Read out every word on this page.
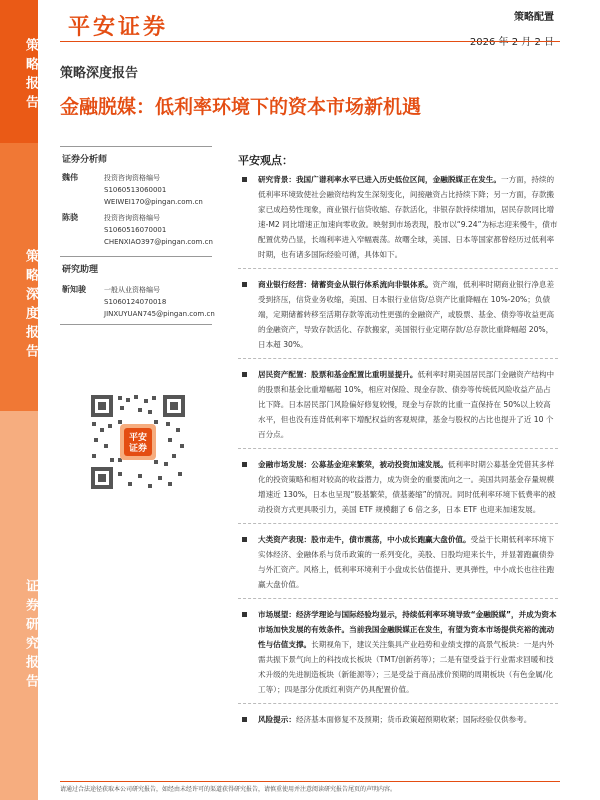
策略报告
策略深度报告
证券研究报告
平安证券	策略配置
2026 年 2 月 2 日
策略深度报告
金融脱媒：低利率环境下的资本市场新机遇
证券分析师
魏伟	投资咨询资格编号
S1060513060001
WEIWEI170@pingan.com.cn
陈骁	投资咨询资格编号
S1060516070001
CHENXIAO397@pingan.com.cn
研究助理
靳知骏	一般从业资格编号
S1060124070018
JINXUYUAN745@pingan.com.cn
平安
证券
平安观点：
研究背景：我国广谱利率水平已进入历史低位区间，金融脱媒正在发生。一方面，持续的低利率环境致使社会融资结构发生深刻变化，间接融资占比持续下降；另一方面，存款搬家已成趋势性现象，商业银行信贷收缩、存款活化，非银存款持续增加，居民存款同比增速-M2 同比增速正加速向零收敛。映射到市场表现，股市以“9.24”为标志迎来慢牛，债市配置优势凸显，长端利率进入窄幅震荡。故曙全球，美国、日本等国家都曾经历过低利率时期，也有诸多国际经验可循，具体如下。
商业银行经营：储蓄资金从银行体系流向非银体系。资产端，低利率时期商业银行净息差受到挤压，信贷业务收缩，美国、日本银行业信贷/总资产比重降幅在 10%-20%；负债端，定期储蓄转移至活期存款等流动性更强的金融资产，或股票、基金、债券等收益更高的金融资产，导致存款活化、存款搬家，美国银行业定期存款/总存款比重降幅超 20%，日本超 30%。
居民资产配置：股票和基金配置比重明显提升。低利率时期美国居民部门金融资产结构中的股票和基金比重增幅超 10%，相应对保险、现金存款、债券等传统低风险收益产品占比下降。日本居民部门风险偏好修复较慢，现金与存款的比重一直保持在 50%以上较高水平，但也没有连背低利率下增配权益的客观规律，基金与股权的占比也提升了近 10 个百分点。
金融市场发展：公募基金迎来繁荣，被动投资加速发展。低利率时期公募基金凭借其多样化的投资策略和相对较高的收益潜力，成为资金的重要流向之一。美国共同基金存量规模增速近 130%，日本也呈现“股基繁荣，债基萎缩”的情况。同时低利率环境下低费率的被动投资方式更具吸引力，美国 ETF 规模翻了 6 倍之多，日本 ETF 也迎来加速发展。
大类资产表现：股市走牛，债市震荡，中小成长跑赢大盘价值。受益于长期低利率环境下实体经济、金融体系与货币政策的一系列变化，美股、日股均迎来长牛，并显著跑赢债券与外汇资产。风格上，低利率环境利于小盘成长估值提升、更具弹性，中小成长也往往跑赢大盘价值。
市场展望：经济学理论与国际经验均显示，持续低利率环境导致“金融脱媒”，并成为资本市场加快发展的有效条件。当前我国金融脱媒正在发生，有望为资本市场提供充裕的流动性与估值支撑。长期视角下，建议关注集具产业趋势和业绩支撑的高景气板块：一是内外需共振下景气向上的科技成长板块（TMT/创新药等）；二是有望受益于行业需求回暖和技术升级的先进制造板块（新能源等）；三是受益于商品涨价预期的周期板块（有色金属/化工等）；四是部分优质红利资产仍具配置价值。
风险提示：经济基本面修复不及预期；货币政策超预期收紧；国际经验仅供参考。
请通过合法途径获取本公司研究报告，如经由未经许可的渠道获得研究报告，请慎重使用并注意阅读研究报告尾页的声明内容。
